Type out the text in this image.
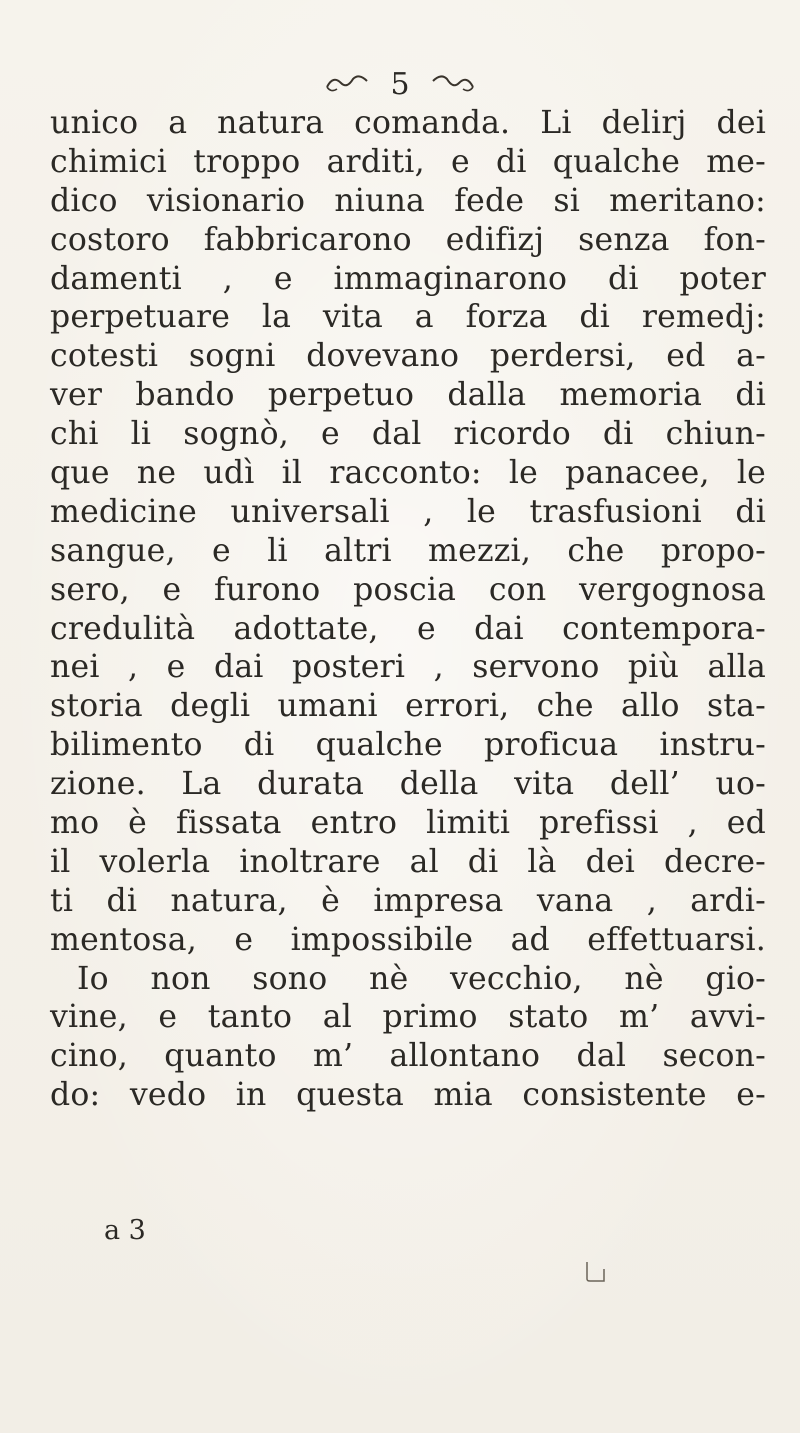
5
unico a natura comanda. Li delirj dei
chimici troppo arditi, e di qualche me-
dico visionario niuna fede si meritano:
costoro fabbricarono edifizj senza fon-
damenti , e immaginarono di poter
perpetuare la vita a forza di remedj:
cotesti sogni dovevano perdersi, ed a-
ver bando perpetuo dalla memoria di
chi li sognò, e dal ricordo di chiun-
que ne udì il racconto: le panacee, le
medicine universali , le trasfusioni di
sangue, e li altri mezzi, che propo-
sero, e furono poscia con vergognosa
credulità adottate, e dai contempora-
nei , e dai posteri , servono più alla
storia degli umani errori, che allo sta-
bilimento di qualche proficua instru-
zione. La durata della vita dell’ uo-
mo è fissata entro limiti prefissi , ed
il volerla inoltrare al di là dei decre-
ti di natura, è impresa vana , ardi-
mentosa, e impossibile ad effettuarsi.
Io non sono nè vecchio, nè gio-
vine, e tanto al primo stato m’ avvi-
cino, quanto m’ allontano dal secon-
do: vedo in questa mia consistente e-
a 3
